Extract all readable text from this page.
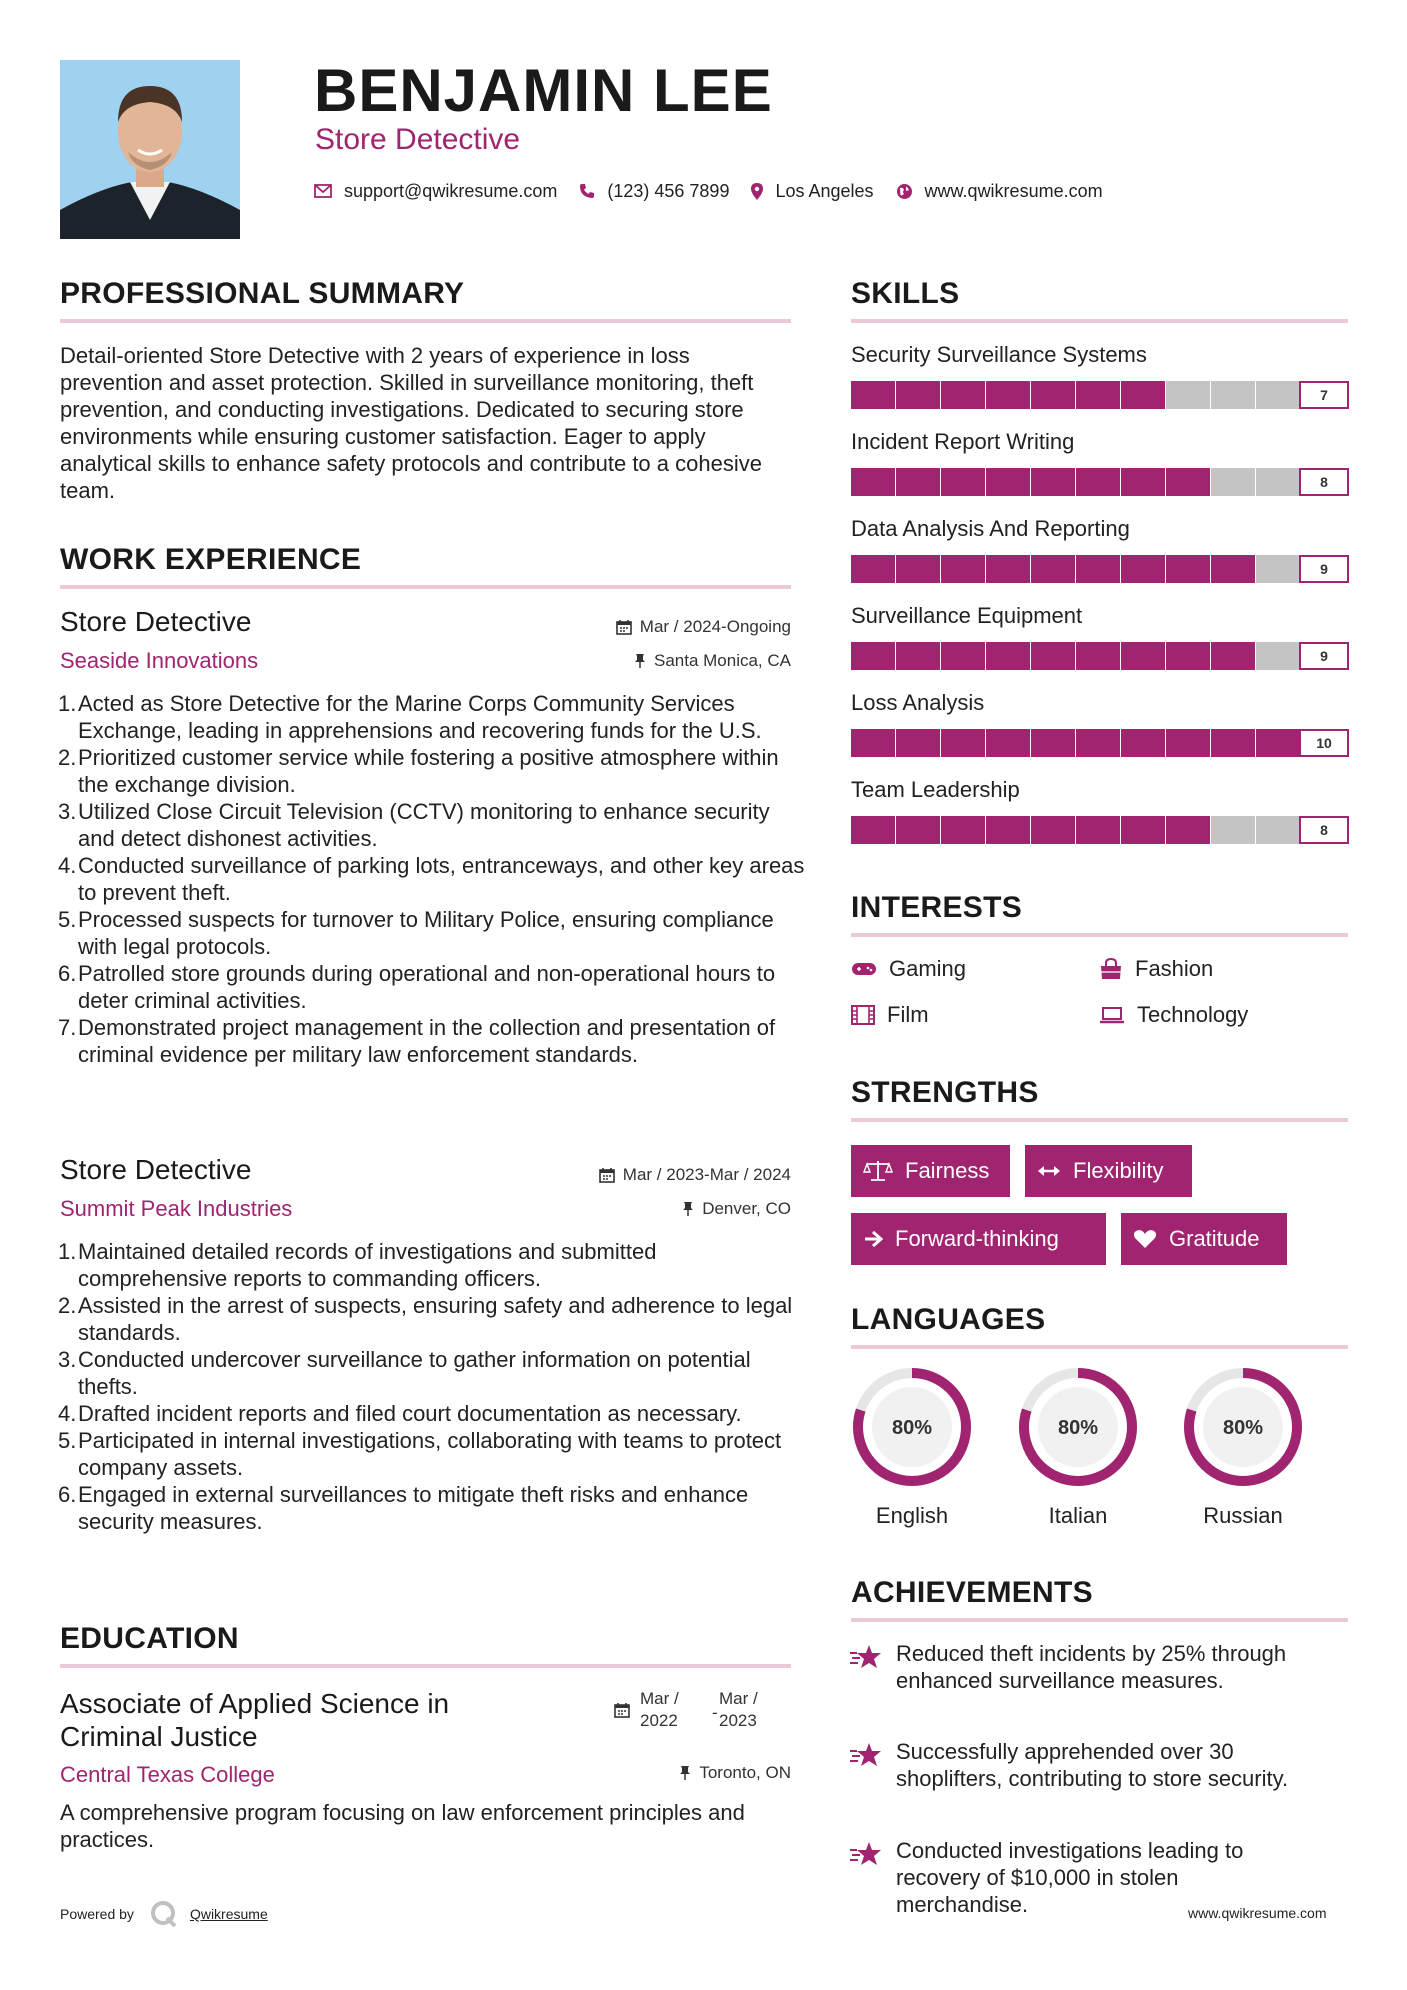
BENJAMIN LEE
Store Detective
support@qwikresume.com	(123) 456 7899	Los Angeles	www.qwikresume.com
PROFESSIONAL SUMMARY
Detail-oriented Store Detective with 2 years of experience in loss prevention and asset protection. Skilled in surveillance monitoring, theft prevention, and conducting investigations. Dedicated to securing store environments while ensuring customer satisfaction. Eager to apply analytical skills to enhance safety protocols and contribute to a cohesive team.
WORK EXPERIENCE
Store Detective	Mar / 2024-Ongoing
Seaside Innovations	Santa Monica, CA
Acted as Store Detective for the Marine Corps Community Services Exchange, leading in apprehensions and recovering funds for the U.S.
Prioritized customer service while fostering a positive atmosphere within the exchange division.
Utilized Close Circuit Television (CCTV) monitoring to enhance security and detect dishonest activities.
Conducted surveillance of parking lots, entranceways, and other key areas to prevent theft.
Processed suspects for turnover to Military Police, ensuring compliance with legal protocols.
Patrolled store grounds during operational and non-operational hours to deter criminal activities.
Demonstrated project management in the collection and presentation of criminal evidence per military law enforcement standards.
Store Detective	Mar / 2023-Mar / 2024
Summit Peak Industries	Denver, CO
Maintained detailed records of investigations and submitted comprehensive reports to commanding officers.
Assisted in the arrest of suspects, ensuring safety and adherence to legal standards.
Conducted undercover surveillance to gather information on potential thefts.
Drafted incident reports and filed court documentation as necessary.
Participated in internal investigations, collaborating with teams to protect company assets.
Engaged in external surveillances to mitigate theft risks and enhance security measures.
EDUCATION
Associate of Applied Science in Criminal Justice
Mar /
2022 -
Mar /
2023
Central Texas College	Toronto, ON
A comprehensive program focusing on law enforcement principles and practices.
Powered by	Qwikresume	www.qwikresume.com
SKILLS
Security Surveillance Systems
7
Incident Report Writing
8
Data Analysis And Reporting
9
Surveillance Equipment
9
Loss Analysis
10
Team Leadership
8
INTERESTS
Gaming	Fashion
Film	Technology
STRENGTHS
Fairness	Flexibility
Forward-thinking	Gratitude
LANGUAGES
80%
English
80%
Italian
80%
Russian
ACHIEVEMENTS
Reduced theft incidents by 25% through enhanced surveillance measures.
Successfully apprehended over 30 shoplifters, contributing to store security.
Conducted investigations leading to recovery of $10,000 in stolen merchandise.
